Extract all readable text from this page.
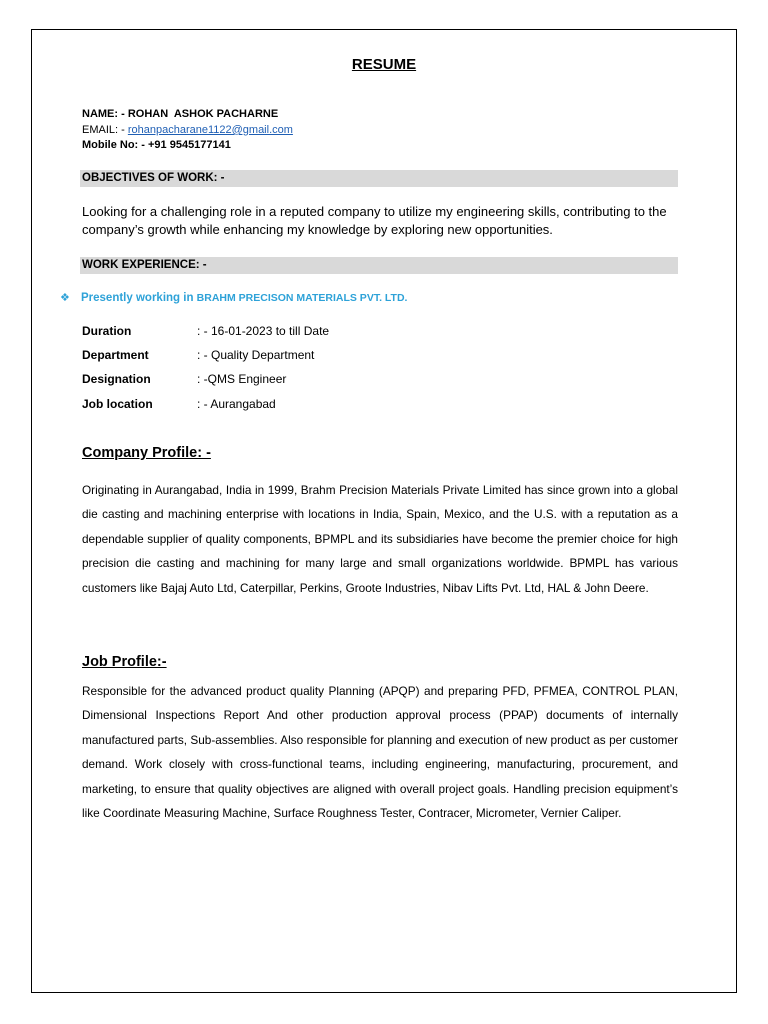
RESUME
NAME: - ROHAN  ASHOK PACHARNE
EMAIL: - rohanpacharane1122@gmail.com
Mobile No: - +91 9545177141
OBJECTIVES OF WORK: -

Looking for a challenging role in a reputed company to utilize my engineering skills, contributing to the company’s growth while enhancing my knowledge by exploring new opportunities.

WORK EXPERIENCE: -
❖ Presently working in BRAHM PRECISON MATERIALS PVT. LTD.
Duration	: - 16-01-2023 to till Date
Department	: - Quality Department
Designation	: -QMS Engineer
Job location	: - Aurangabad
Company Profile: -

Originating in Aurangabad, India in 1999, Brahm Precision Materials Private Limited has since grown into a global die casting and machining enterprise with locations in India, Spain, Mexico, and the U.S. with a reputation as a dependable supplier of quality components, BPMPL and its subsidiaries have become the premier choice for high precision die casting and machining for many large and small organizations worldwide. BPMPL has various customers like Bajaj Auto Ltd, Caterpillar, Perkins, Groote Industries, Nibav Lifts Pvt. Ltd, HAL & John Deere.

Job Profile:-

Responsible for the advanced product quality Planning (APQP) and preparing PFD, PFMEA, CONTROL PLAN, Dimensional Inspections Report And other production approval process (PPAP) documents of internally manufactured parts, Sub-assemblies. Also responsible for planning and execution of new product as per customer demand. Work closely with cross-functional teams, including engineering, manufacturing, procurement, and marketing, to ensure that quality objectives are aligned with overall project goals. Handling precision equipment’s like Coordinate Measuring Machine, Surface Roughness Tester, Contracer, Micrometer, Vernier Caliper.
